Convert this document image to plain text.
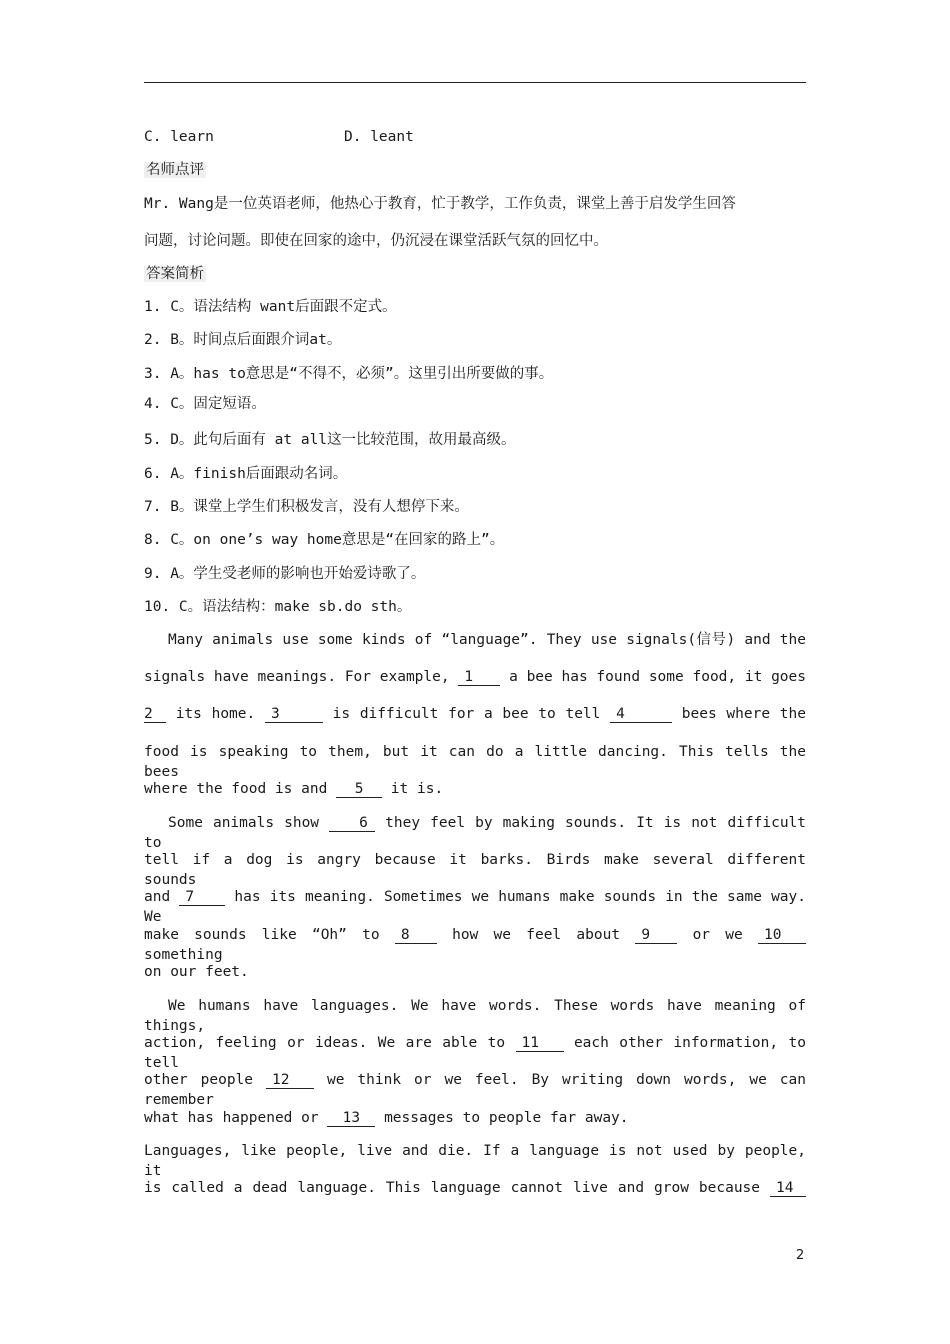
C. learn	D. leant
名师点评
Mr. Wang是一位英语老师，他热心于教育，忙于教学，工作负责，课堂上善于启发学生回答
问题，讨论问题。即使在回家的途中，仍沉浸在课堂活跃气氛的回忆中。
答案简析
1. C。语法结构 want后面跟不定式。
2. B。时间点后面跟介词at。
3. A。has to意思是“不得不，必须”。这里引出所要做的事。
4. C。固定短语。
5. D。此句后面有 at all这一比较范围，故用最高级。
6. A。finish后面跟动名词。
7. B。课堂上学生们积极发言，没有人想停下来。
8. C。on one’s way home意思是“在回家的路上”。
9. A。学生受老师的影响也开始爱诗歌了。
10. C。语法结构：make sb.do sth。
Many animals use some kinds of “language”. They use signals(信号) and the
signals have meanings. For example, 1 a bee has found some food, it goes
2 its home. 3	is difficult for a bee to tell 4	bees where the
food is speaking to them, but it can do a little dancing. This tells the bees
where the food is and 5 it is.
Some animals show	6 they feel by making sounds. It is not difficult to
tell if a dog is angry because it barks. Birds make several different sounds
and 7	has its meaning. Sometimes we humans make sounds in the same way. We
make sounds like “Oh” to 8	how we feel about 9	or we 10 something
on our feet.
We humans have languages. We have words. These words have meaning of things,
action, feeling or ideas. We are able to 11 each other information, to tell
other people 12	we think or we feel. By writing down words, we can remember
what has happened or 13 messages to people far away.
Languages, like people, live and die. If a language is not used by people, it
is called a dead language. This language cannot live and grow because 14
2
